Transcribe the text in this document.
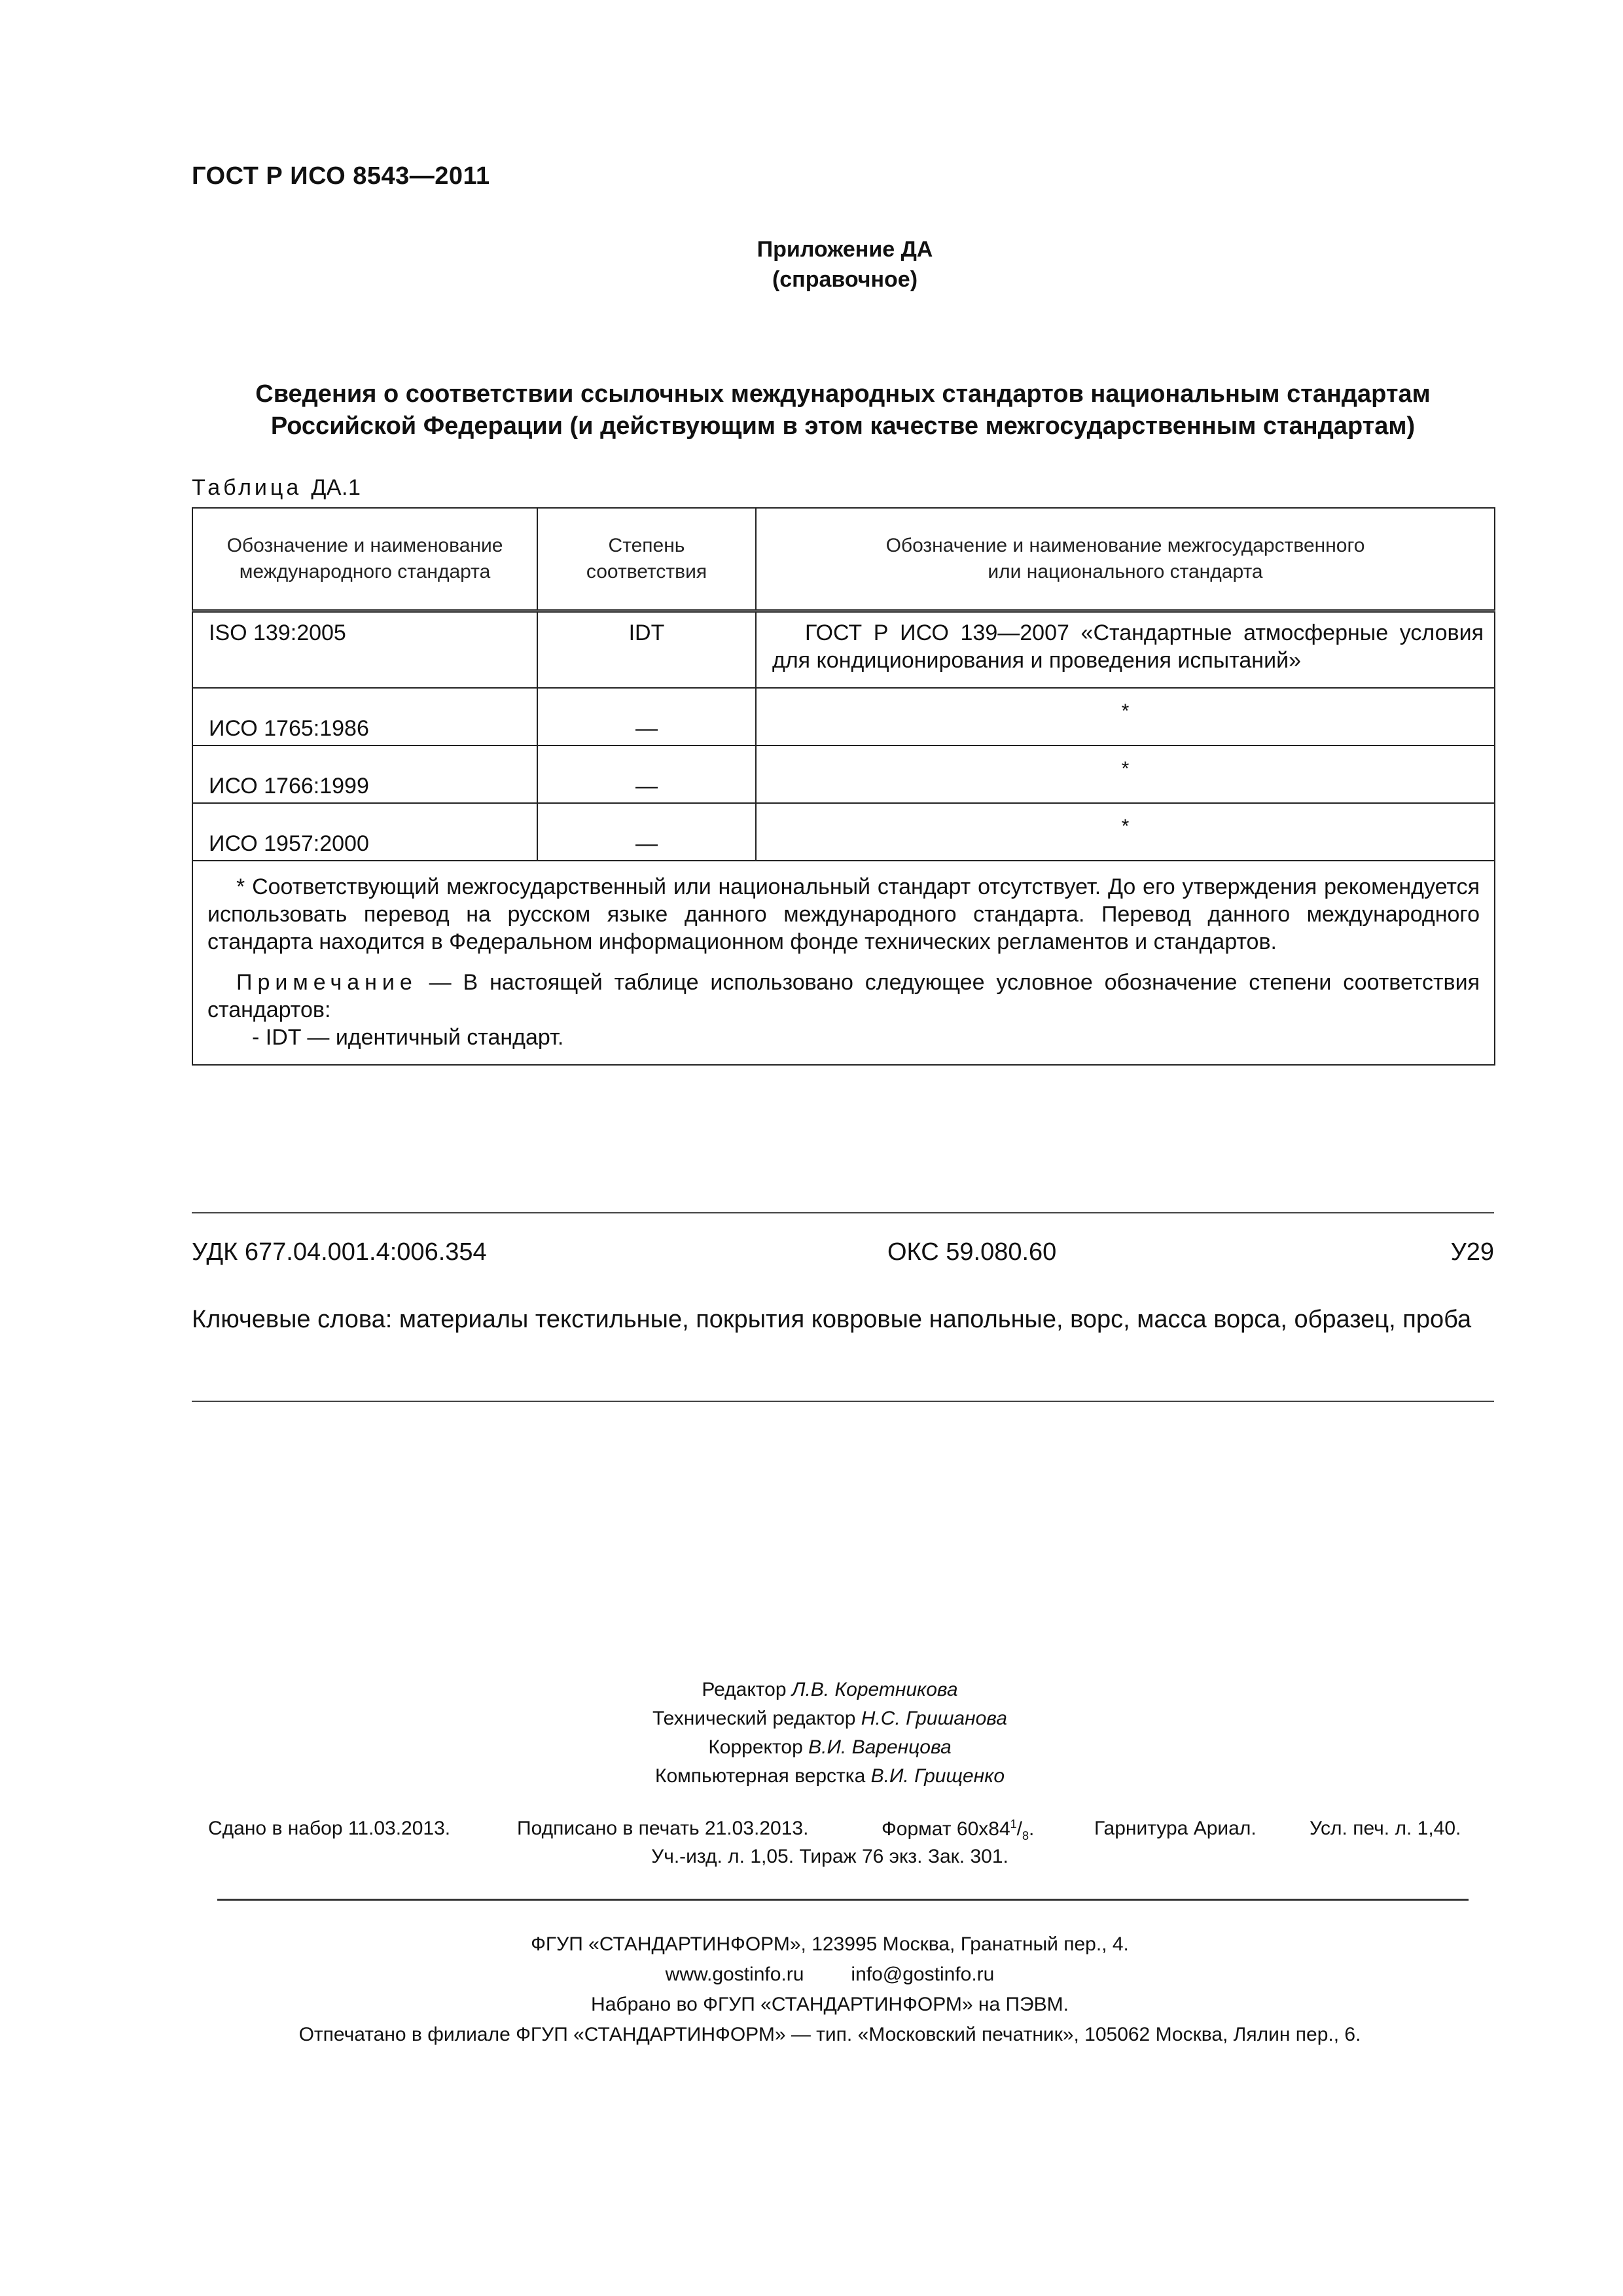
ГОСТ Р ИСО 8543—2011
Приложение ДА
(справочное)
Сведения о соответствии ссылочных международных стандартов национальным стандартам
Российской Федерации (и действующим в этом качестве межгосударственным стандартам)
Таблица ДА.1
Обозначение и наименование международного стандарта	Степень соответствия	Обозначение и наименование межгосударственного или национального стандарта
ISO 139:2005	IDT	ГОСТ Р ИСО 139—2007 «Стандартные атмосферные условия для кондиционирования и проведения испытаний»

ИСО 1765:1986	—	*
ИСО 1766:1999	—	*
ИСО 1957:2000	—	*

* Соответствующий межгосударственный или национальный стандарт отсутствует. До его утверждения рекомендуется использовать перевод на русском языке данного международного стандарта. Перевод данного международного стандарта находится в Федеральном информационном фонде технических регламентов и стандартов.

Примечание — В настоящей таблице использовано следующее условное обозначение степени соответствия стандартов:

- IDT — идентичный стандарт.		

УДК 677.04.001.4:006.354	ОКС 59.080.60	У29
Ключевые слова: материалы текстильные, покрытия ковровые напольные, ворс, масса ворса, образец, проба
Редактор Л.В. Коретникова
Технический редактор Н.С. Гришанова
Корректор В.И. Варенцова
Компьютерная верстка В.И. Грищенко
Сдано в набор 11.03.2013.	Подписано в печать 21.03.2013.	Формат $60x84^1/_8$.	Гарнитура Ариал.	Усл. печ. л. 1,40.
Уч.-изд. л. 1,05. Тираж 76 экз. Зак. 301.
ФГУП «СТАНДАРТИНФОРМ», 123995 Москва, Гранатный пер., 4.
www.gostinfo.ru info@gostinfo.ru
Набрано во ФГУП «СТАНДАРТИНФОРМ» на ПЭВМ.
Отпечатано в филиале ФГУП «СТАНДАРТИНФОРМ» — тип. «Московский печатник», 105062 Москва, Лялин пер., 6.
